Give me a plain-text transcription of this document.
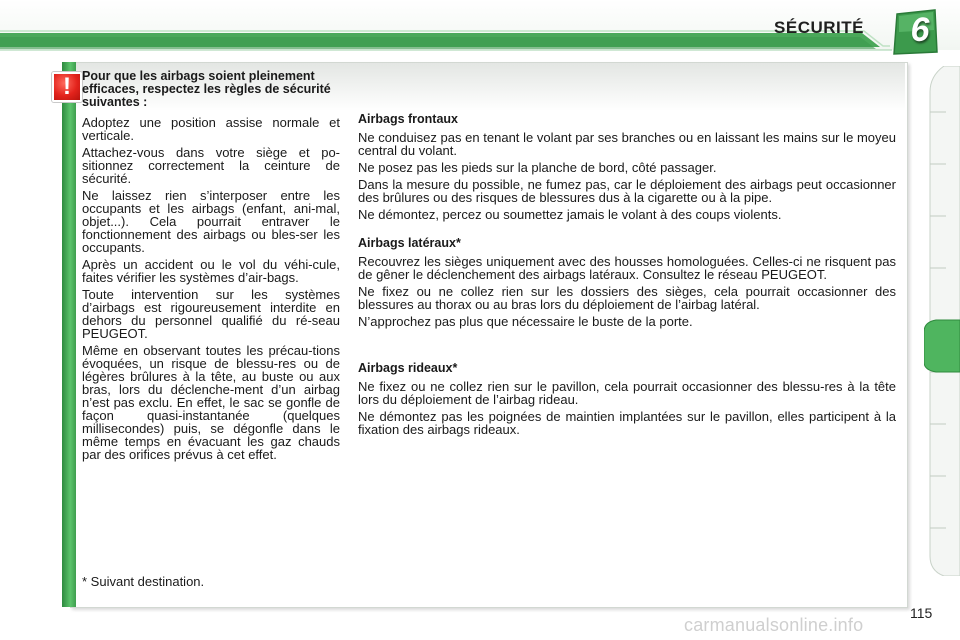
SÉCURITÉ 6
! Pour que les airbags soient pleinement efficaces, respectez les règles de sécurité suivantes :

Adoptez une position assise normale et verticale.

Attachez-vous dans votre siège et po-sitionnez correctement la ceinture de sécurité.

Ne laissez rien s’interposer entre les occupants et les airbags (enfant, ani-mal, objet...). Cela pourrait entraver le fonctionnement des airbags ou bles-ser les occupants.

Après un accident ou le vol du véhi-cule, faites vérifier les systèmes d’air-bags.

Toute intervention sur les systèmes d’airbags est rigoureusement interdite en dehors du personnel qualifié du ré-seau PEUGEOT.

Même en observant toutes les précau-tions évoquées, un risque de blessu-res ou de légères brûlures à la tête, au buste ou aux bras, lors du déclenche-ment d’un airbag n’est pas exclu. En effet, le sac se gonfle de façon quasi-instantanée (quelques millisecondes) puis, se dégonfle dans le même temps en évacuant les gaz chauds par des orifices prévus à cet effet.

Airbags frontaux

Ne conduisez pas en tenant le volant par ses branches ou en laissant les mains sur le moyeu central du volant.

Ne posez pas les pieds sur la planche de bord, côté passager.

Dans la mesure du possible, ne fumez pas, car le déploiement des airbags peut occasionner des brûlures ou des risques de blessures dus à la cigarette ou à la pipe.

Ne démontez, percez ou soumettez jamais le volant à des coups violents.

Airbags latéraux*

Recouvrez les sièges uniquement avec des housses homologuées. Celles-ci ne risquent pas de gêner le déclenchement des airbags latéraux. Consultez le réseau PEUGEOT.

Ne fixez ou ne collez rien sur les dossiers des sièges, cela pourrait occasionner des blessures au thorax ou au bras lors du déploiement de l’airbag latéral.

N’approchez pas plus que nécessaire le buste de la porte.

Airbags rideaux*

Ne fixez ou ne collez rien sur le pavillon, cela pourrait occasionner des blessu-res à la tête lors du déploiement de l’airbag rideau.

Ne démontez pas les poignées de maintien implantées sur le pavillon, elles participent à la fixation des airbags rideaux.

* Suivant destination.
115
carmanualsonline.info
